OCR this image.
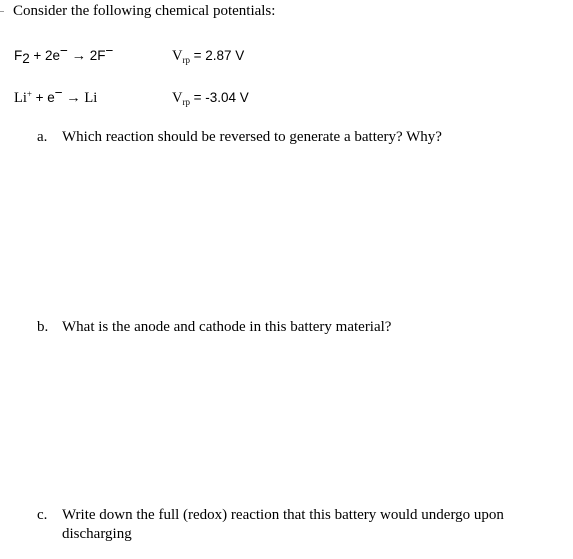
Consider the following chemical potentials:
$F_2 + 2e^- \to 2F^-$	$V_{rp} = 2.87$ V
Li+ + e− → Li	$V_{rp} = -3.04$ V
a. Which reaction should be reversed to generate a battery? Why?
b. What is the anode and cathode in this battery material?
c. Write down the full (redox) reaction that this battery would undergo upon discharging
